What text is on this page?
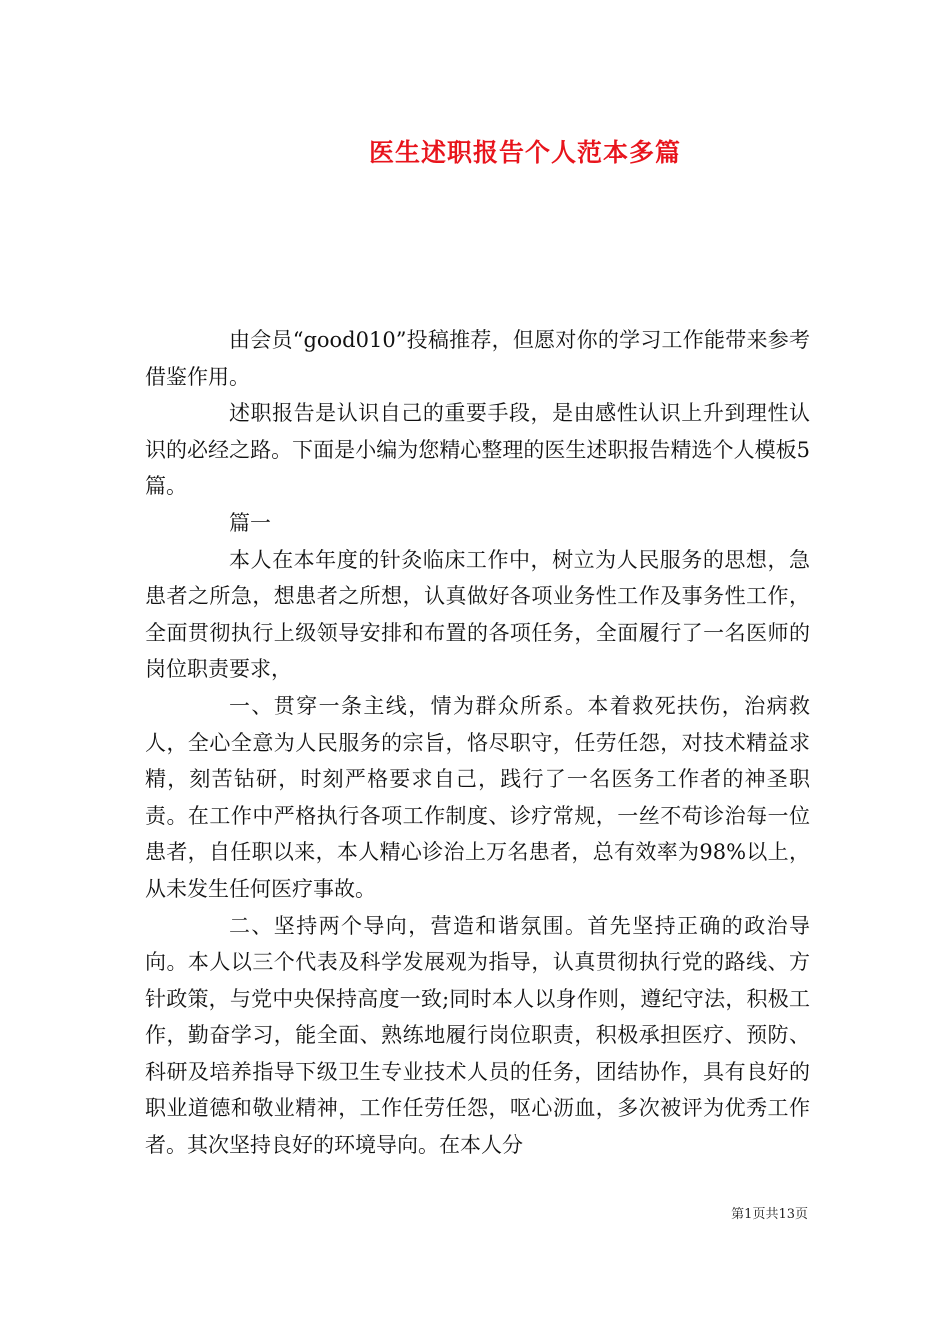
医生述职报告个人范本多篇

由会员“good010”投稿推荐，但愿对你的学习工作能带来参考借鉴作用。

述职报告是认识自己的重要手段，是由感性认识上升到理性认识的必经之路。下面是小编为您精心整理的医生述职报告精选个人模板5篇。

篇一

本人在本年度的针灸临床工作中，树立为人民服务的思想，急患者之所急，想患者之所想，认真做好各项业务性工作及事务性工作，全面贯彻执行上级领导安排和布置的各项任务，全面履行了一名医师的岗位职责要求，

一、贯穿一条主线，情为群众所系。本着救死扶伤，治病救人，全心全意为人民服务的宗旨，恪尽职守，任劳任怨，对技术精益求精，刻苦钻研，时刻严格要求自己，践行了一名医务工作者的神圣职责。在工作中严格执行各项工作制度、诊疗常规，一丝不苟诊治每一位患者，自任职以来，本人精心诊治上万名患者，总有效率为98%以上，从未发生任何医疗事故。

二、坚持两个导向，营造和谐氛围。首先坚持正确的政治导向。本人以三个代表及科学发展观为指导，认真贯彻执行党的路线、方针政策，与党中央保持高度一致;同时本人以身作则，遵纪守法，积极工作，勤奋学习，能全面、熟练地履行岗位职责，积极承担医疗、预防、科研及培养指导下级卫生专业技术人员的任务，团结协作，具有良好的职业道德和敬业精神，工作任劳任怨，呕心沥血，多次被评为优秀工作者。其次坚持良好的环境导向。在本人分

第1页共13页
